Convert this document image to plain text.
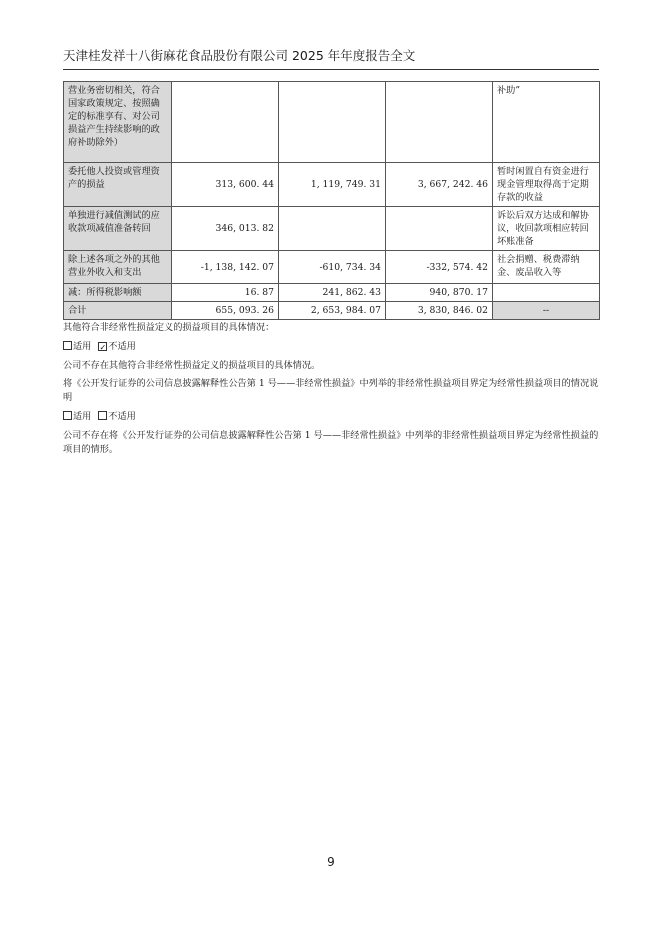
天津桂发祥十八街麻花食品股份有限公司 2025 年年度报告全文
营业务密切相关，符合国家政策规定、按照确定的标准享有、对公司损益产生持续影响的政府补助除外）				补助”
委托他人投资或管理资产的损益	313, 600. 44	1, 119, 749. 31	3, 667, 242. 46	暂时闲置自有资金进行现金管理取得高于定期存款的收益
单独进行减值测试的应收款项减值准备转回	346, 013. 82			诉讼后双方达成和解协议，收回款项相应转回坏账准备
除上述各项之外的其他营业外收入和支出	-1, 138, 142. 07	-610, 734. 34	-332, 574. 42	社会捐赠、税费滞纳金、废品收入等
减：所得税影响额	16. 87	241, 862. 43	940, 870. 17	
合计	655, 093. 26	2, 653, 984. 07	3, 830, 846. 02	--
其他符合非经常性损益定义的损益项目的具体情况：
适用 ✓ 不适用
公司不存在其他符合非经常性损益定义的损益项目的具体情况。
将《公开发行证券的公司信息披露解释性公告第 1 号——非经常性损益》中列举的非经常性损益项目界定为经常性损益项目的情况说明
适用 不适用
公司不存在将《公开发行证券的公司信息披露解释性公告第 1 号——非经常性损益》中列举的非经常性损益项目界定为经常性损益的项目的情形。
9
